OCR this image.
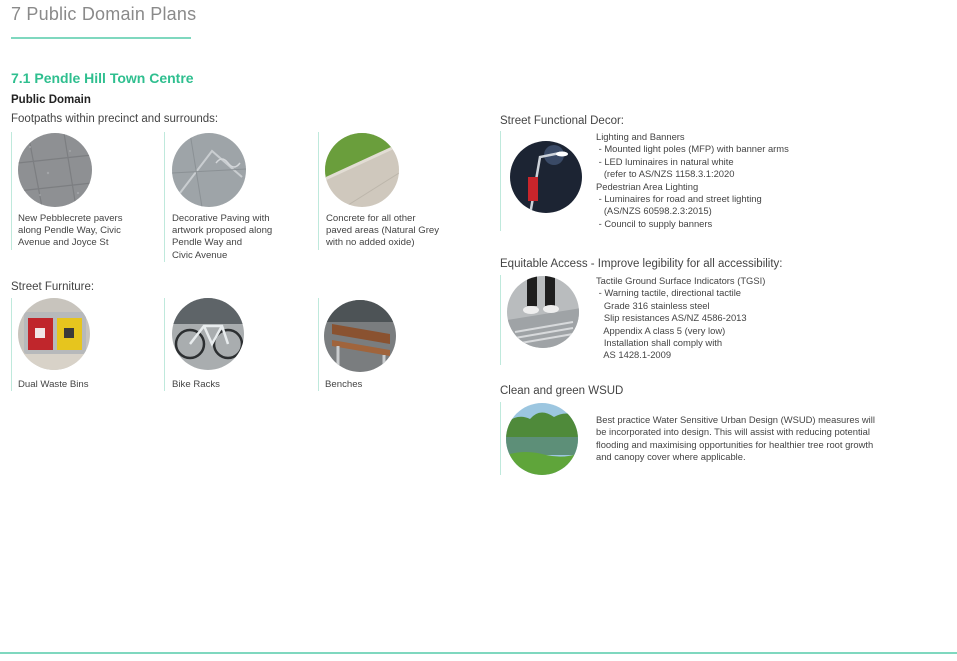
7 Public Domain Plans
7.1 Pendle Hill Town Centre
Public Domain
Footpaths within precinct and surrounds:
New Pebblecrete pavers
along Pendle Way, Civic
Avenue and Joyce St
Decorative Paving with
artwork proposed along
Pendle Way and
Civic Avenue
Concrete for all other
paved areas (Natural Grey
with no added oxide)
Street Furniture:
Dual Waste Bins	Bike Racks	Benches
Street Functional Decor:
Lighting and Banners
- Mounted light poles (MFP) with banner arms
- LED luminaires in natural white
(refer to AS/NZS 1158.3.1:2020
Pedestrian Area Lighting
- Luminaires for road and street lighting
(AS/NZS 60598.2.3:2015)
- Council to supply banners
Equitable Access - Improve legibility for all accessibility:
Tactile Ground Surface Indicators (TGSI)
- Warning tactile, directional tactile
Grade 316 stainless steel
Slip resistances AS/NZ 4586-2013
Appendix A class 5 (very low)
Installation shall comply with
AS 1428.1-2009
Clean and green WSUD
Best practice Water Sensitive Urban Design (WSUD) measures will
be incorporated into design. This will assist with reducing potential
flooding and maximising opportunities for healthier tree root growth
and canopy cover where applicable.
